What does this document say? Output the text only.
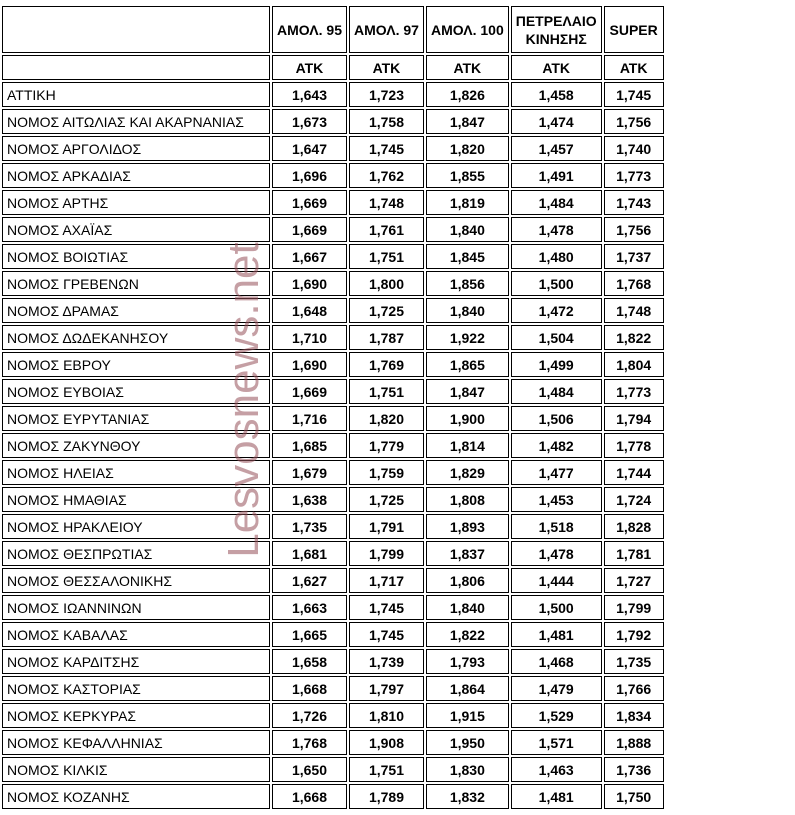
	ΑΜΟΛ. 95	ΑΜΟΛ. 97	ΑΜΟΛ. 100	ΠΕΤΡΕΛΑΙΟ ΚΙΝΗΣΗΣ	SUPER
	ΑΤΚ	ΑΤΚ	ΑΤΚ	ΑΤΚ	ΑΤΚ
ΑΤΤΙΚΗ	1,643	1,723	1,826	1,458	1,745
ΝΟΜΟΣ ΑΙΤΩΛΙΑΣ ΚΑΙ ΑΚΑΡΝΑΝΙΑΣ	1,673	1,758	1,847	1,474	1,756
ΝΟΜΟΣ ΑΡΓΟΛΙΔΟΣ	1,647	1,745	1,820	1,457	1,740
ΝΟΜΟΣ ΑΡΚΑΔΙΑΣ	1,696	1,762	1,855	1,491	1,773
ΝΟΜΟΣ ΑΡΤΗΣ	1,669	1,748	1,819	1,484	1,743
ΝΟΜΟΣ ΑΧΑΪΑΣ	1,669	1,761	1,840	1,478	1,756
ΝΟΜΟΣ ΒΟΙΩΤΙΑΣ	1,667	1,751	1,845	1,480	1,737
ΝΟΜΟΣ ΓΡΕΒΕΝΩΝ	1,690	1,800	1,856	1,500	1,768
ΝΟΜΟΣ ΔΡΑΜΑΣ	1,648	1,725	1,840	1,472	1,748
ΝΟΜΟΣ ΔΩΔΕΚΑΝΗΣΟΥ	1,710	1,787	1,922	1,504	1,822
ΝΟΜΟΣ ΕΒΡΟΥ	1,690	1,769	1,865	1,499	1,804
ΝΟΜΟΣ ΕΥΒΟΙΑΣ	1,669	1,751	1,847	1,484	1,773
ΝΟΜΟΣ ΕΥΡΥΤΑΝΙΑΣ	1,716	1,820	1,900	1,506	1,794
ΝΟΜΟΣ ΖΑΚΥΝΘΟΥ	1,685	1,779	1,814	1,482	1,778
ΝΟΜΟΣ ΗΛΕΙΑΣ	1,679	1,759	1,829	1,477	1,744
ΝΟΜΟΣ ΗΜΑΘΙΑΣ	1,638	1,725	1,808	1,453	1,724
ΝΟΜΟΣ ΗΡΑΚΛΕΙΟΥ	1,735	1,791	1,893	1,518	1,828
ΝΟΜΟΣ ΘΕΣΠΡΩΤΙΑΣ	1,681	1,799	1,837	1,478	1,781
ΝΟΜΟΣ ΘΕΣΣΑΛΟΝΙΚΗΣ	1,627	1,717	1,806	1,444	1,727
ΝΟΜΟΣ ΙΩΑΝΝΙΝΩΝ	1,663	1,745	1,840	1,500	1,799
ΝΟΜΟΣ ΚΑΒΑΛΑΣ	1,665	1,745	1,822	1,481	1,792
ΝΟΜΟΣ ΚΑΡΔΙΤΣΗΣ	1,658	1,739	1,793	1,468	1,735
ΝΟΜΟΣ ΚΑΣΤΟΡΙΑΣ	1,668	1,797	1,864	1,479	1,766
ΝΟΜΟΣ ΚΕΡΚΥΡΑΣ	1,726	1,810	1,915	1,529	1,834
ΝΟΜΟΣ ΚΕΦΑΛΛΗΝΙΑΣ	1,768	1,908	1,950	1,571	1,888
ΝΟΜΟΣ ΚΙΛΚΙΣ	1,650	1,751	1,830	1,463	1,736
ΝΟΜΟΣ ΚΟΖΑΝΗΣ	1,668	1,789	1,832	1,481	1,750
Lesvosnews.net
